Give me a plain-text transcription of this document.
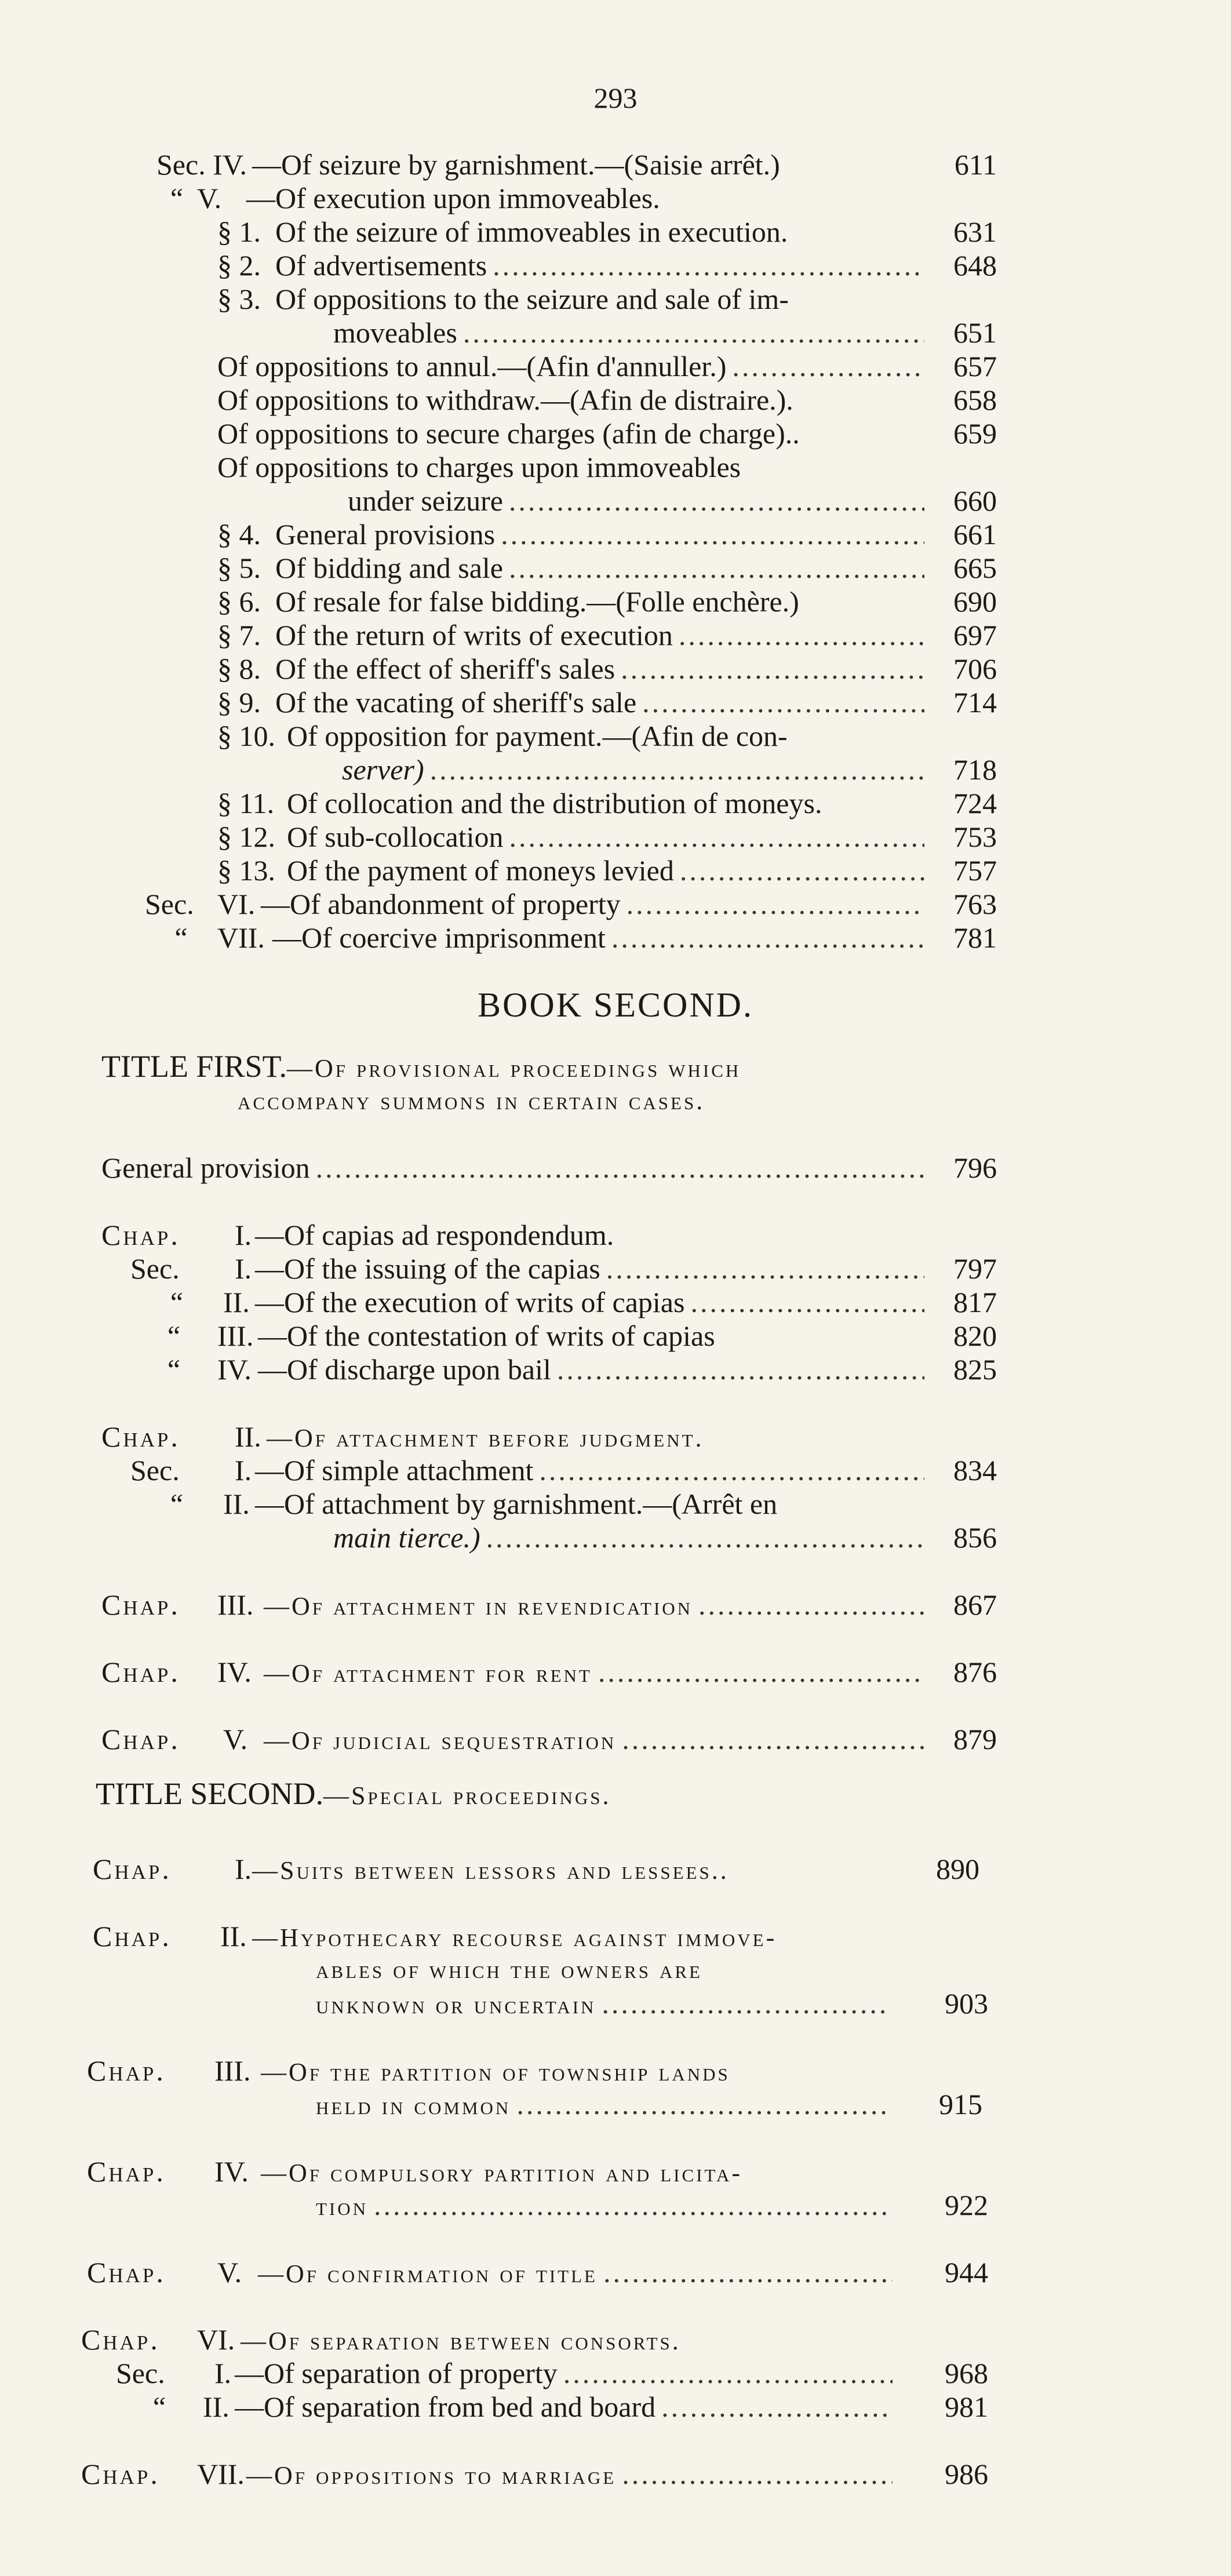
293
Sec. IV. —Of seizure by garnishment.—(Saisie arrêt.)	611
“ V. —Of execution upon immoveables.
§ 1. Of the seizure of immoveables in execution.	631
§ 2. Of advertisements .....	648
§ 3. Of oppositions to the seizure and sale of im-
moveables .....	651
Of oppositions to annul.—(Afin d'annuller.) .....	657
Of oppositions to withdraw.—(Afin de distraire.).	658
Of oppositions to secure charges (afin de charge)..	659
Of oppositions to charges upon immoveables
under seizure .....	660
§ 4. General provisions .....	661
§ 5. Of bidding and sale .....	665
§ 6. Of resale for false bidding.—(Folle enchère.)	690
§ 7. Of the return of writs of execution .....	697
§ 8. Of the effect of sheriff's sales .....	706
§ 9. Of the vacating of sheriff's sale .....	714
§ 10. Of opposition for payment.—(Afin de con-
server) .....	718
§ 11. Of collocation and the distribution of moneys.	724
§ 12. Of sub-collocation .....	753
§ 13. Of the payment of moneys levied .....	757
Sec. VI. —Of abandonment of property .....	763
“	VII. —Of coercive imprisonment .....	781
BOOK SECOND.
TITLE FIRST.—Of provisional proceedings which
accompany summons in certain cases.
General provision .....	796
Chap.	I. —Of capias ad respondendum.
Sec.	I. —Of the issuing of the capias .....	797
“	II. —Of the execution of writs of capias .....	817
“	III. —Of the contestation of writs of capias	820
“	IV. —Of discharge upon bail .....	825
Chap.	II. —Of attachment before judgment.
Sec.	I. —Of simple attachment .....	834
“	II. —Of attachment by garnishment.—(Arrêt en
main tierce.) .....	856
Chap.	III. —Of attachment in revendication .....	867
Chap.	IV. —Of attachment for rent .....	876
Chap.	V. —Of judicial sequestration .....	879
TITLE SECOND.—Special proceedings.
Chap.	I. —Suits between lessors and lessees..	890
Chap.	II. —Hypothecary recourse against immove-
ables of which the owners are
unknown or uncertain .....	903
Chap.	III. —Of the partition of township lands
held in common .....	915
Chap.	IV. —Of compulsory partition and licita-
tion .....	922
Chap.	V. —Of confirmation of title .....	944
Chap.	VI. —Of separation between consorts.
Sec.	I. —Of separation of property .....	968
“	II. —Of separation from bed and board .....	981
Chap.	VII. —Of oppositions to marriage .....	986
